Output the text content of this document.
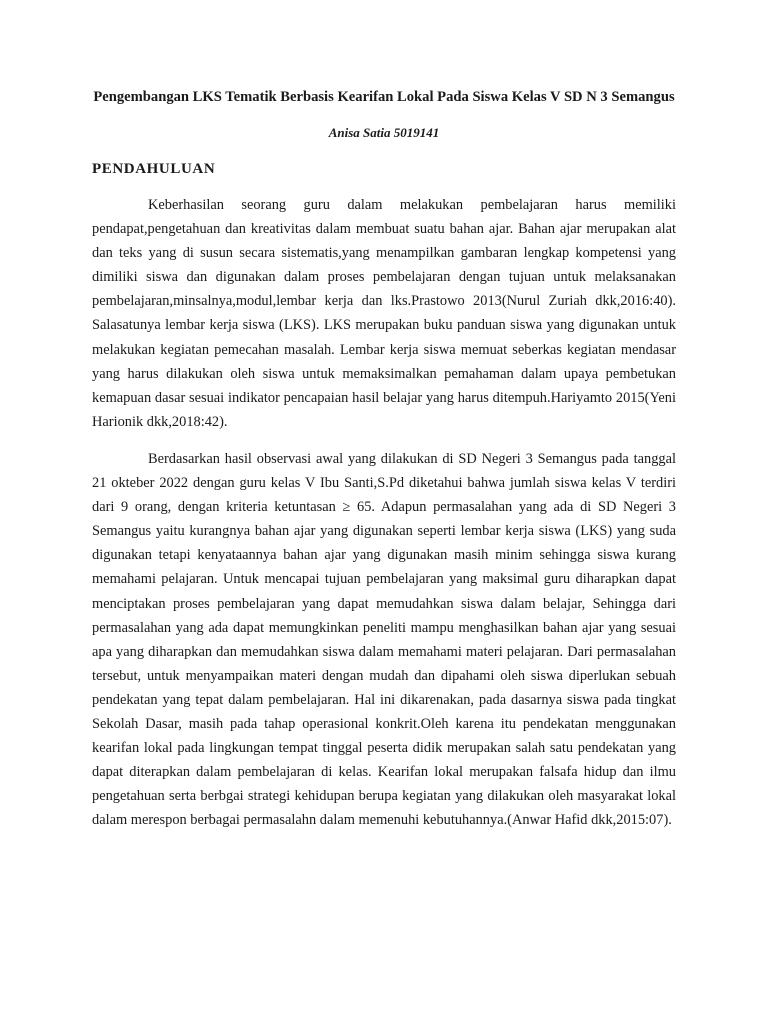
Pengembangan LKS Tematik Berbasis Kearifan Lokal Pada Siswa Kelas V SD N 3 Semangus

Anisa Satia 5019141

PENDAHULUAN

Keberhasilan seorang guru dalam melakukan pembelajaran harus memiliki pendapat,pengetahuan dan kreativitas dalam membuat suatu bahan ajar. Bahan ajar merupakan alat dan teks yang di susun secara sistematis,yang menampilkan gambaran lengkap kompetensi yang dimiliki siswa dan digunakan dalam proses pembelajaran dengan tujuan untuk melaksanakan pembelajaran,minsalnya,modul,lembar kerja dan lks.Prastowo 2013(Nurul Zuriah dkk,2016:40). Salasatunya lembar kerja siswa (LKS). LKS merupakan buku panduan siswa yang digunakan untuk melakukan kegiatan pemecahan masalah. Lembar kerja siswa memuat seberkas kegiatan mendasar yang harus dilakukan oleh siswa untuk memaksimalkan pemahaman dalam upaya pembetukan kemapuan dasar sesuai indikator pencapaian hasil belajar yang harus ditempuh.Hariyamto 2015(Yeni Harionik dkk,2018:42).

Berdasarkan hasil observasi awal yang dilakukan di SD Negeri 3 Semangus pada tanggal 21 okteber 2022 dengan guru kelas V Ibu Santi,S.Pd diketahui bahwa jumlah siswa kelas V terdiri dari 9 orang, dengan kriteria ketuntasan ≥ 65. Adapun permasalahan yang ada di SD Negeri 3 Semangus yaitu kurangnya bahan ajar yang digunakan seperti lembar kerja siswa (LKS) yang suda digunakan tetapi kenyataannya bahan ajar yang digunakan masih minim sehingga siswa kurang memahami pelajaran. Untuk mencapai tujuan pembelajaran yang maksimal guru diharapkan dapat menciptakan proses pembelajaran yang dapat memudahkan siswa dalam belajar, Sehingga dari permasalahan yang ada dapat memungkinkan peneliti mampu menghasilkan bahan ajar yang sesuai apa yang diharapkan dan memudahkan siswa dalam memahami materi pelajaran. Dari permasalahan tersebut, untuk menyampaikan materi dengan mudah dan dipahami oleh siswa diperlukan sebuah pendekatan yang tepat dalam pembelajaran. Hal ini dikarenakan, pada dasarnya siswa pada tingkat Sekolah Dasar, masih pada tahap operasional konkrit.Oleh karena itu pendekatan menggunakan kearifan lokal pada lingkungan tempat tinggal peserta didik merupakan salah satu pendekatan yang dapat diterapkan dalam pembelajaran di kelas. Kearifan lokal merupakan falsafa hidup dan ilmu pengetahuan serta berbgai strategi kehidupan berupa kegiatan yang dilakukan oleh masyarakat lokal dalam merespon berbagai permasalahn dalam memenuhi kebutuhannya.(Anwar Hafid dkk,2015:07).
